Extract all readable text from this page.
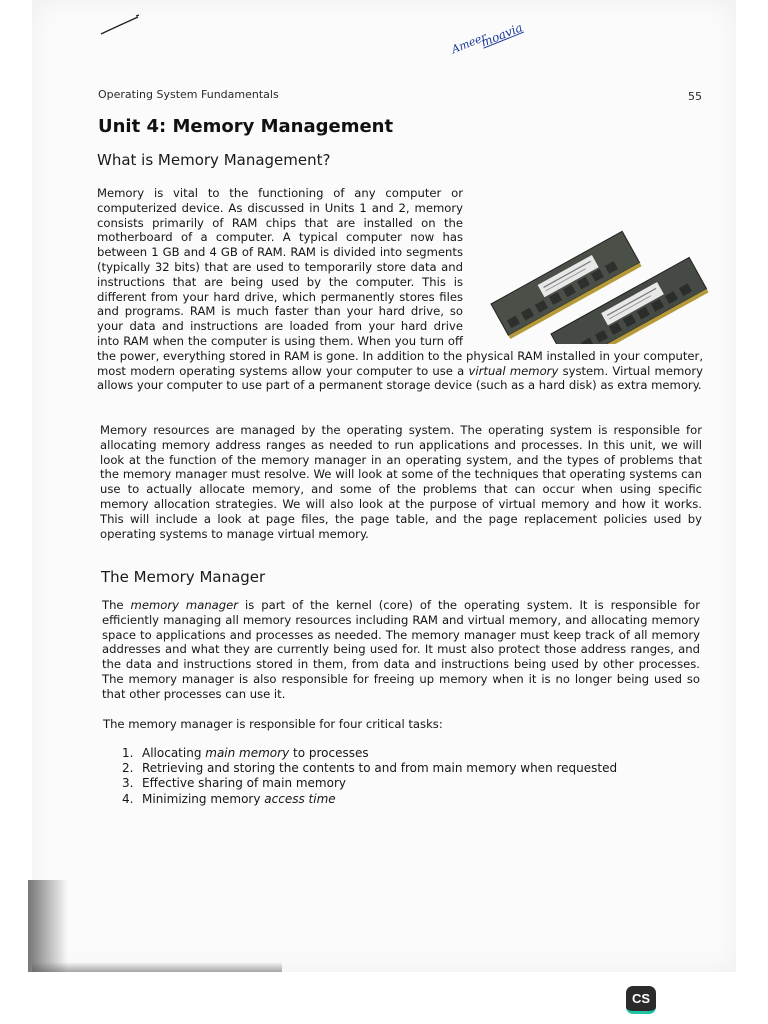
Ameer
moavia
Operating System Fundamentals	55
Unit 4: Memory Management
What is Memory Management?
Memory is vital to the functioning of any computer or computerized device. As discussed in Units 1 and 2, memory consists primarily of RAM chips that are installed on the motherboard of a computer. A typical computer now has between 1 GB and 4 GB of RAM. RAM is divided into segments (typically 32 bits) that are used to temporarily store data and instructions that are being used by the computer. This is different from your hard drive, which permanently stores files and programs. RAM is much faster than your hard drive, so your data and instructions are loaded from your hard drive into RAM when the computer is using them. When you turn off the power, everything stored in RAM is gone. In addition to the physical RAM installed in your computer, most modern operating systems allow your computer to use a virtual memory system. Virtual memory allows your computer to use part of a permanent storage device (such as a hard disk) as extra memory.
Memory resources are managed by the operating system. The operating system is responsible for allocating memory address ranges as needed to run applications and processes. In this unit, we will look at the function of the memory manager in an operating system, and the types of problems that the memory manager must resolve. We will look at some of the techniques that operating systems can use to actually allocate memory, and some of the problems that can occur when using specific memory allocation strategies. We will also look at the purpose of virtual memory and how it works. This will include a look at page files, the page table, and the page replacement policies used by operating systems to manage virtual memory.
The Memory Manager
The memory manager is part of the kernel (core) of the operating system. It is responsible for efficiently managing all memory resources including RAM and virtual memory, and allocating memory space to applications and processes as needed. The memory manager must keep track of all memory addresses and what they are currently being used for. It must also protect those address ranges, and the data and instructions stored in them, from data and instructions being used by other processes. The memory manager is also responsible for freeing up memory when it is no longer being used so that other processes can use it.
The memory manager is responsible for four critical tasks:
1. Allocating main memory to processes
2. Retrieving and storing the contents to and from main memory when requested
3. Effective sharing of main memory
4. Minimizing memory access time
CS
